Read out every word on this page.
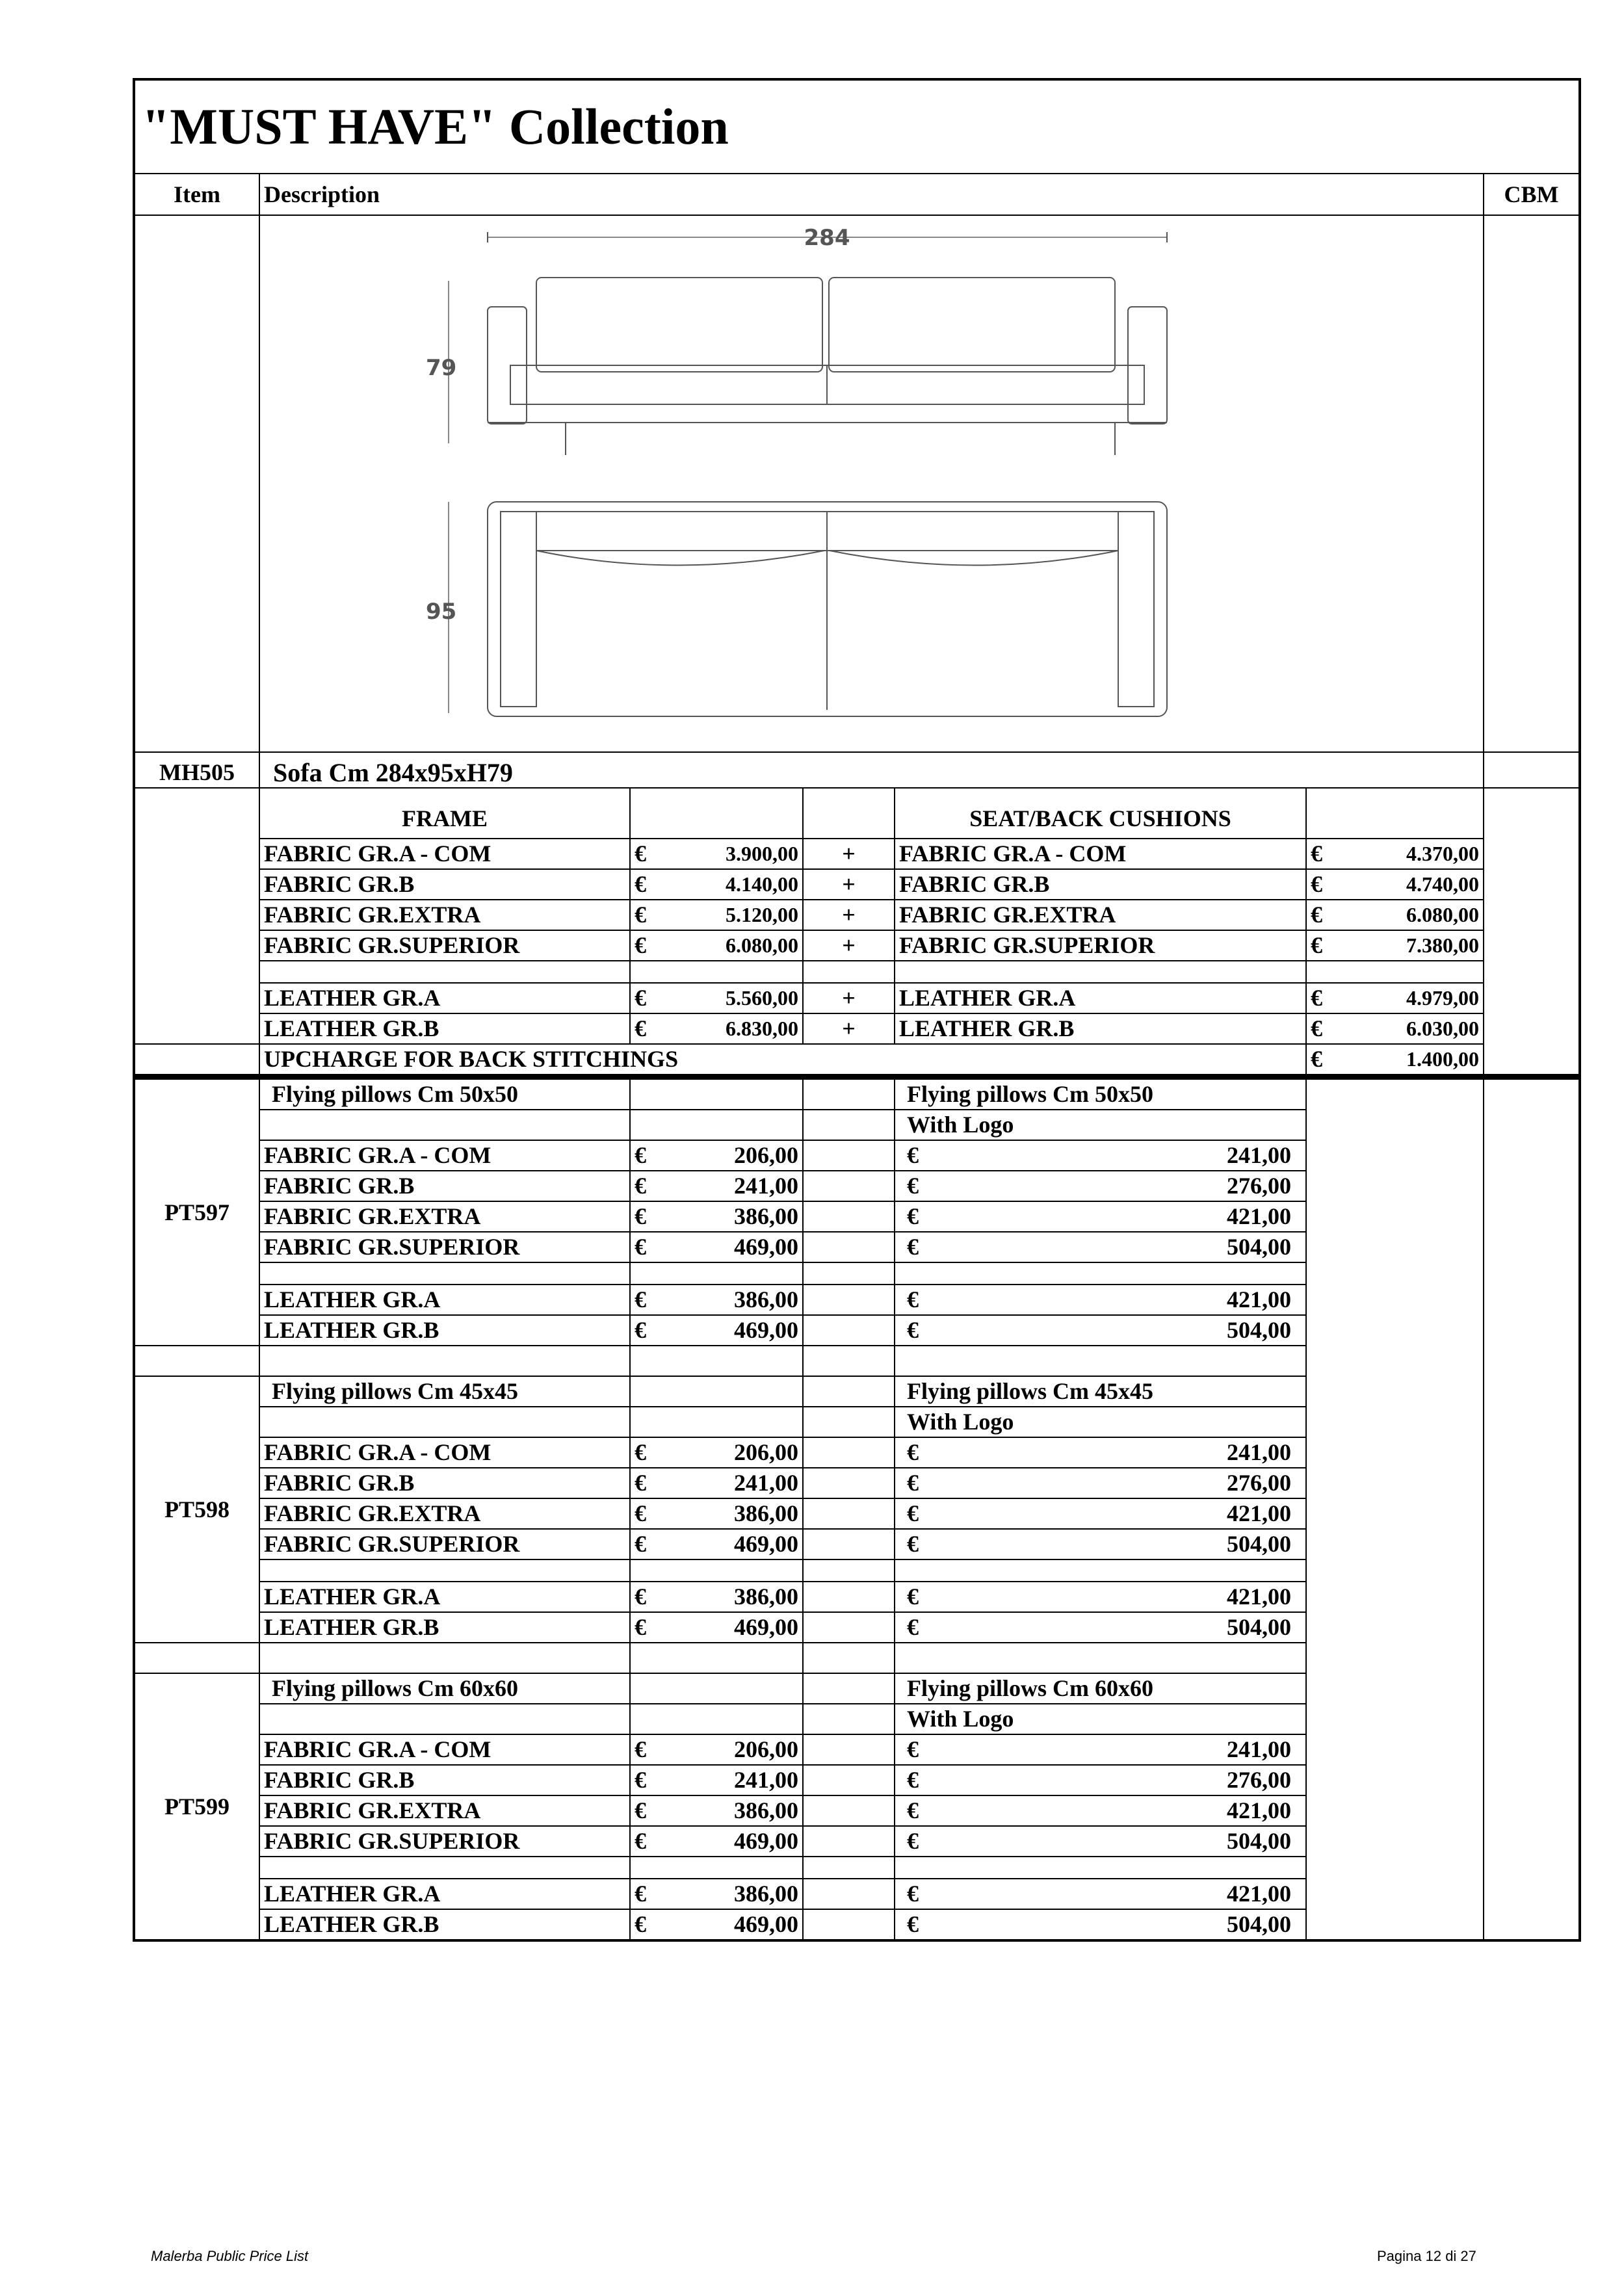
"MUST HAVE" Collection						
Item	Description					CBM

284
79
95					

MH505	Sofa Cm 284x95xH79					
	FRAME			SEAT/BACK CUSHIONS		
	FABRIC GR.A - COM	€ 3.900,00	+	FABRIC GR.A - COM	€ 4.370,00	

	FABRIC GR.B	€ 4.140,00	+	FABRIC GR.B	€ 4.740,00	

	FABRIC GR.EXTRA	€ 5.120,00	+	FABRIC GR.EXTRA	€ 6.080,00	

	FABRIC GR.SUPERIOR	€ 6.080,00	+	FABRIC GR.SUPERIOR	€ 7.380,00	

	LEATHER GR.A	€ 5.560,00	+	LEATHER GR.A	€ 4.979,00	

	LEATHER GR.B	€ 6.830,00	+	LEATHER GR.B	€ 6.030,00	

	UPCHARGE FOR BACK STITCHINGS				€ 1.400,00	

PT597	Flying pillows Cm 50x50			Flying pillows Cm 50x50		
				With Logo		
	FABRIC GR.A - COM	€ 206,00		€ 241,00		

	FABRIC GR.B	€ 241,00		€ 276,00		

	FABRIC GR.EXTRA	€ 386,00		€ 421,00		

	FABRIC GR.SUPERIOR	€ 469,00		€ 504,00		

	LEATHER GR.A	€ 386,00		€ 421,00		

	LEATHER GR.B	€ 469,00		€ 504,00		

PT598	Flying pillows Cm 45x45			Flying pillows Cm 45x45		
				With Logo		
	FABRIC GR.A - COM	€ 206,00		€ 241,00		

	FABRIC GR.B	€ 241,00		€ 276,00		

	FABRIC GR.EXTRA	€ 386,00		€ 421,00		

	FABRIC GR.SUPERIOR	€ 469,00		€ 504,00		

	LEATHER GR.A	€ 386,00		€ 421,00		

	LEATHER GR.B	€ 469,00		€ 504,00		

PT599	Flying pillows Cm 60x60			Flying pillows Cm 60x60		
				With Logo		
	FABRIC GR.A - COM	€ 206,00		€ 241,00		

	FABRIC GR.B	€ 241,00		€ 276,00		

	FABRIC GR.EXTRA	€ 386,00		€ 421,00		

	FABRIC GR.SUPERIOR	€ 469,00		€ 504,00		

	LEATHER GR.A	€ 386,00		€ 421,00		

	LEATHER GR.B	€ 469,00		€ 504,00		
Malerba Public Price List	Pagina 12 di 27
